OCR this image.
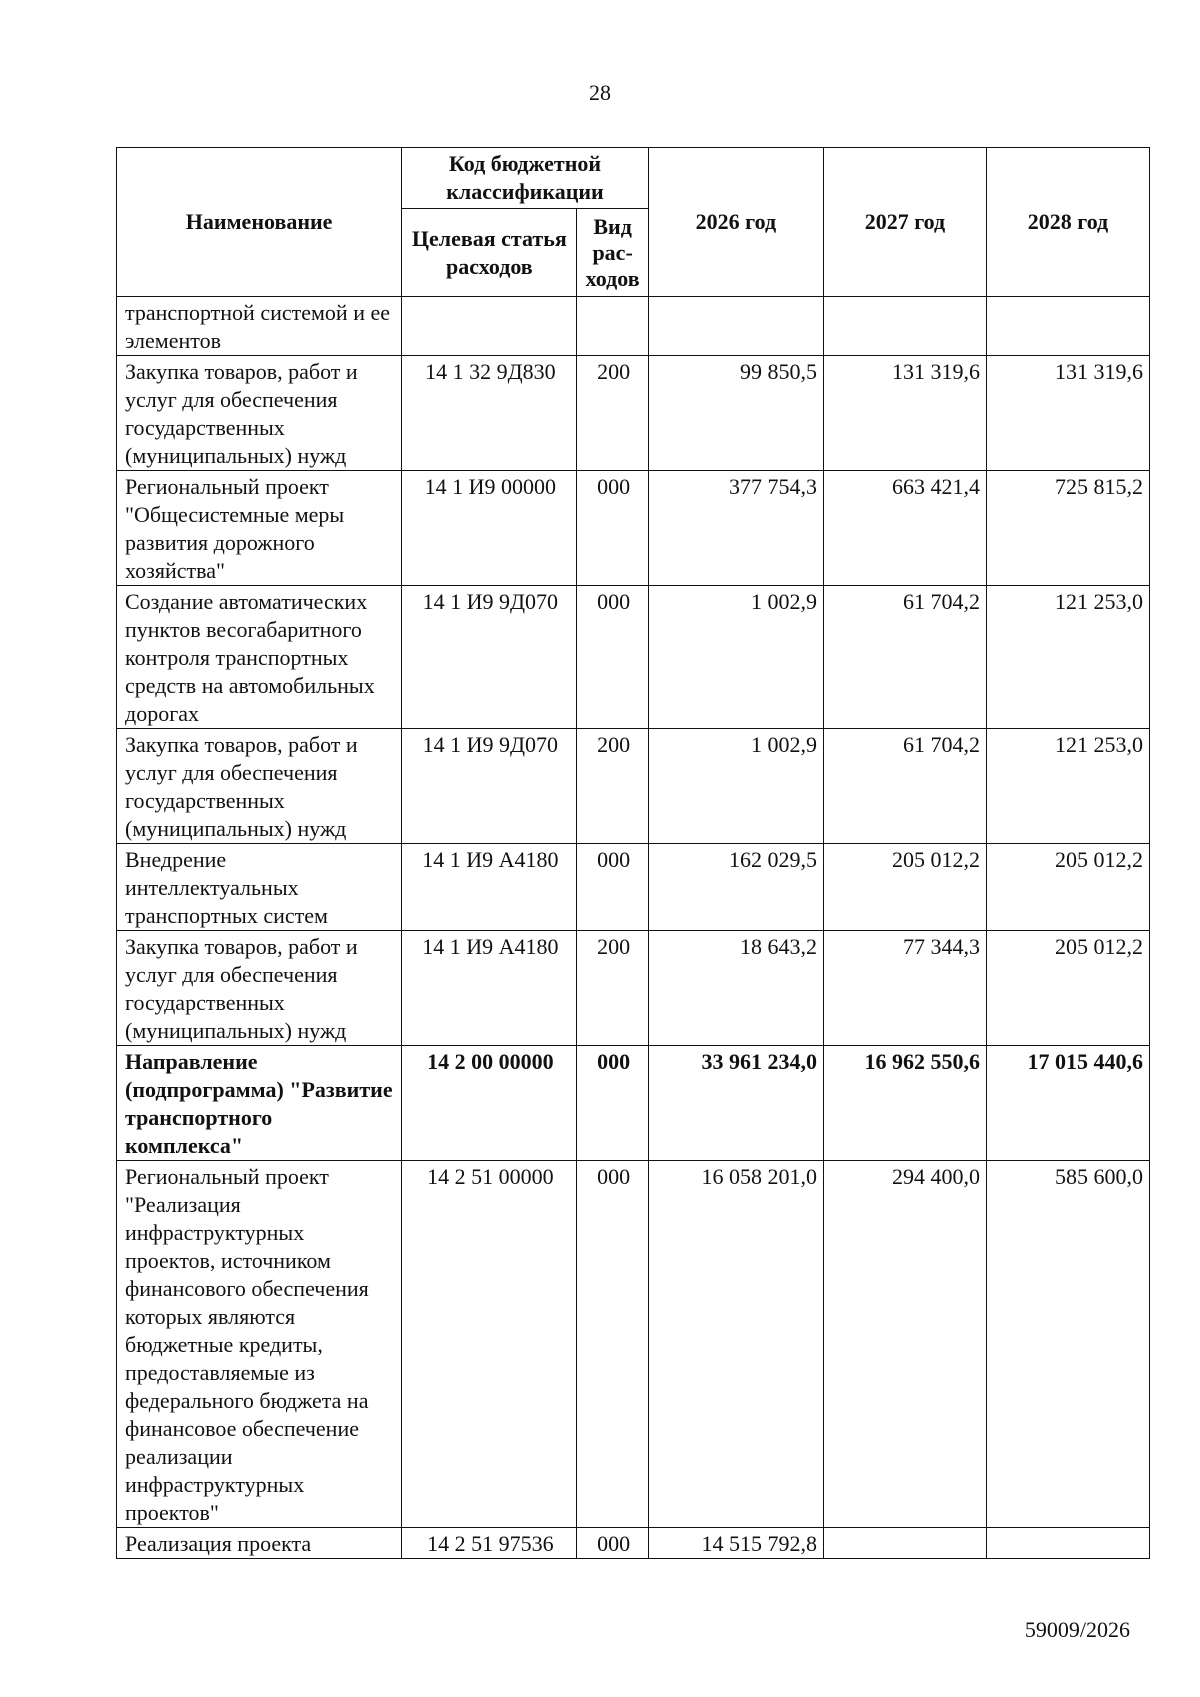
28
Наименование	Код бюджетной классификации		2026 год	2027 год	2028 год
	Целевая статья расходов	Вид рас-ходов			
транспортной системой и ее элементов					
Закупка товаров, работ и услуг для обеспечения государственных (муниципальных) нужд	14 1 32 9Д830	200	99 850,5	131 319,6	131 319,6
Региональный проект "Общесистемные меры развития дорожного хозяйства"	14 1 И9 00000	000	377 754,3	663 421,4	725 815,2
Создание автоматических пунктов весогабаритного контроля транспортных средств на автомобильных дорогах	14 1 И9 9Д070	000	1 002,9	61 704,2	121 253,0
Закупка товаров, работ и услуг для обеспечения государственных (муниципальных) нужд	14 1 И9 9Д070	200	1 002,9	61 704,2	121 253,0
Внедрение интеллектуальных транспортных систем	14 1 И9 А4180	000	162 029,5	205 012,2	205 012,2
Закупка товаров, работ и услуг для обеспечения государственных (муниципальных) нужд	14 1 И9 А4180	200	18 643,2	77 344,3	205 012,2
Направление (подпрограмма) "Развитие транспортного комплекса"	14 2 00 00000	000	33 961 234,0	16 962 550,6	17 015 440,6
Региональный проект "Реализация инфраструктурных проектов, источником финансового обеспечения которых являются бюджетные кредиты, предоставляемые из федерального бюджета на финансовое обеспечение реализации инфраструктурных проектов"	14 2 51 00000	000	16 058 201,0	294 400,0	585 600,0
Реализация проекта	14 2 51 97536	000	14 515 792,8		
59009/2026
